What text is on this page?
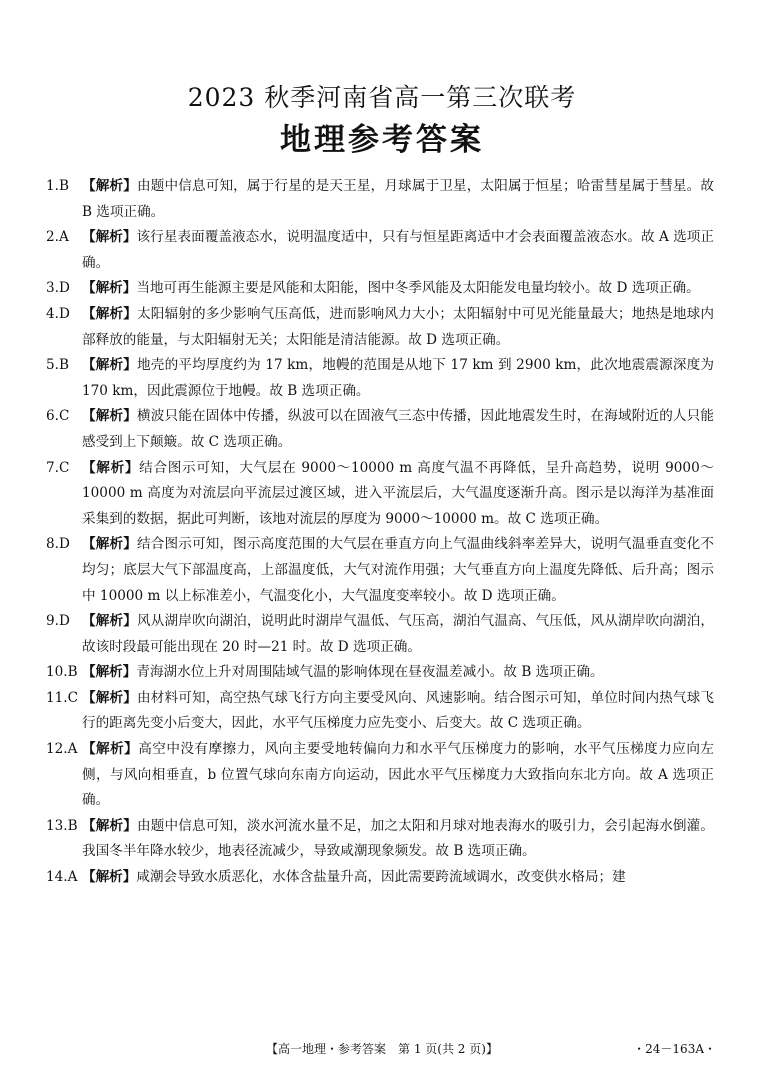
2023 秋季河南省高一第三次联考
地理参考答案
1.B 【解析】由题中信息可知，属于行星的是天王星，月球属于卫星，太阳属于恒星；哈雷彗星属于彗星。故 B 选项正确。
2.A 【解析】该行星表面覆盖液态水，说明温度适中，只有与恒星距离适中才会表面覆盖液态水。故 A 选项正确。
3.D 【解析】当地可再生能源主要是风能和太阳能，图中冬季风能及太阳能发电量均较小。故 D 选项正确。
4.D 【解析】太阳辐射的多少影响气压高低，进而影响风力大小；太阳辐射中可见光能量最大；地热是地球内部释放的能量，与太阳辐射无关；太阳能是清洁能源。故 D 选项正确。
5.B 【解析】地壳的平均厚度约为 17 km，地幔的范围是从地下 17 km 到 2900 km，此次地震震源深度为 170 km，因此震源位于地幔。故 B 选项正确。
6.C 【解析】横波只能在固体中传播，纵波可以在固液气三态中传播，因此地震发生时，在海域附近的人只能感受到上下颠簸。故 C 选项正确。
7.C 【解析】结合图示可知，大气层在 9000～10000 m 高度气温不再降低，呈升高趋势，说明 9000～10000 m 高度为对流层向平流层过渡区域，进入平流层后，大气温度逐渐升高。图示是以海洋为基准面采集到的数据，据此可判断，该地对流层的厚度为 9000～10000 m。故 C 选项正确。
8.D 【解析】结合图示可知，图示高度范围的大气层在垂直方向上气温曲线斜率差异大，说明气温垂直变化不均匀；底层大气下部温度高，上部温度低，大气对流作用强；大气垂直方向上温度先降低、后升高；图示中 10000 m 以上标准差小，气温变化小，大气温度变率较小。故 D 选项正确。
9.D 【解析】风从湖岸吹向湖泊，说明此时湖岸气温低、气压高，湖泊气温高、气压低，风从湖岸吹向湖泊，故该时段最可能出现在 20 时—21 时。故 D 选项正确。
10.B 【解析】青海湖水位上升对周围陆域气温的影响体现在昼夜温差减小。故 B 选项正确。
11.C 【解析】由材料可知，高空热气球飞行方向主要受风向、风速影响。结合图示可知，单位时间内热气球飞行的距离先变小后变大，因此，水平气压梯度力应先变小、后变大。故 C 选项正确。
12.A 【解析】高空中没有摩擦力，风向主要受地转偏向力和水平气压梯度力的影响，水平气压梯度力应向左侧，与风向相垂直，b 位置气球向东南方向运动，因此水平气压梯度力大致指向东北方向。故 A 选项正确。
13.B 【解析】由题中信息可知，淡水河流水量不足，加之太阳和月球对地表海水的吸引力，会引起海水倒灌。我国冬半年降水较少，地表径流减少，导致咸潮现象频发。故 B 选项正确。
14.A 【解析】咸潮会导致水质恶化，水体含盐量升高，因此需要跨流域调水，改变供水格局；建
【高一地理・参考答案　第 1 页(共 2 页)】	・24－163A・
